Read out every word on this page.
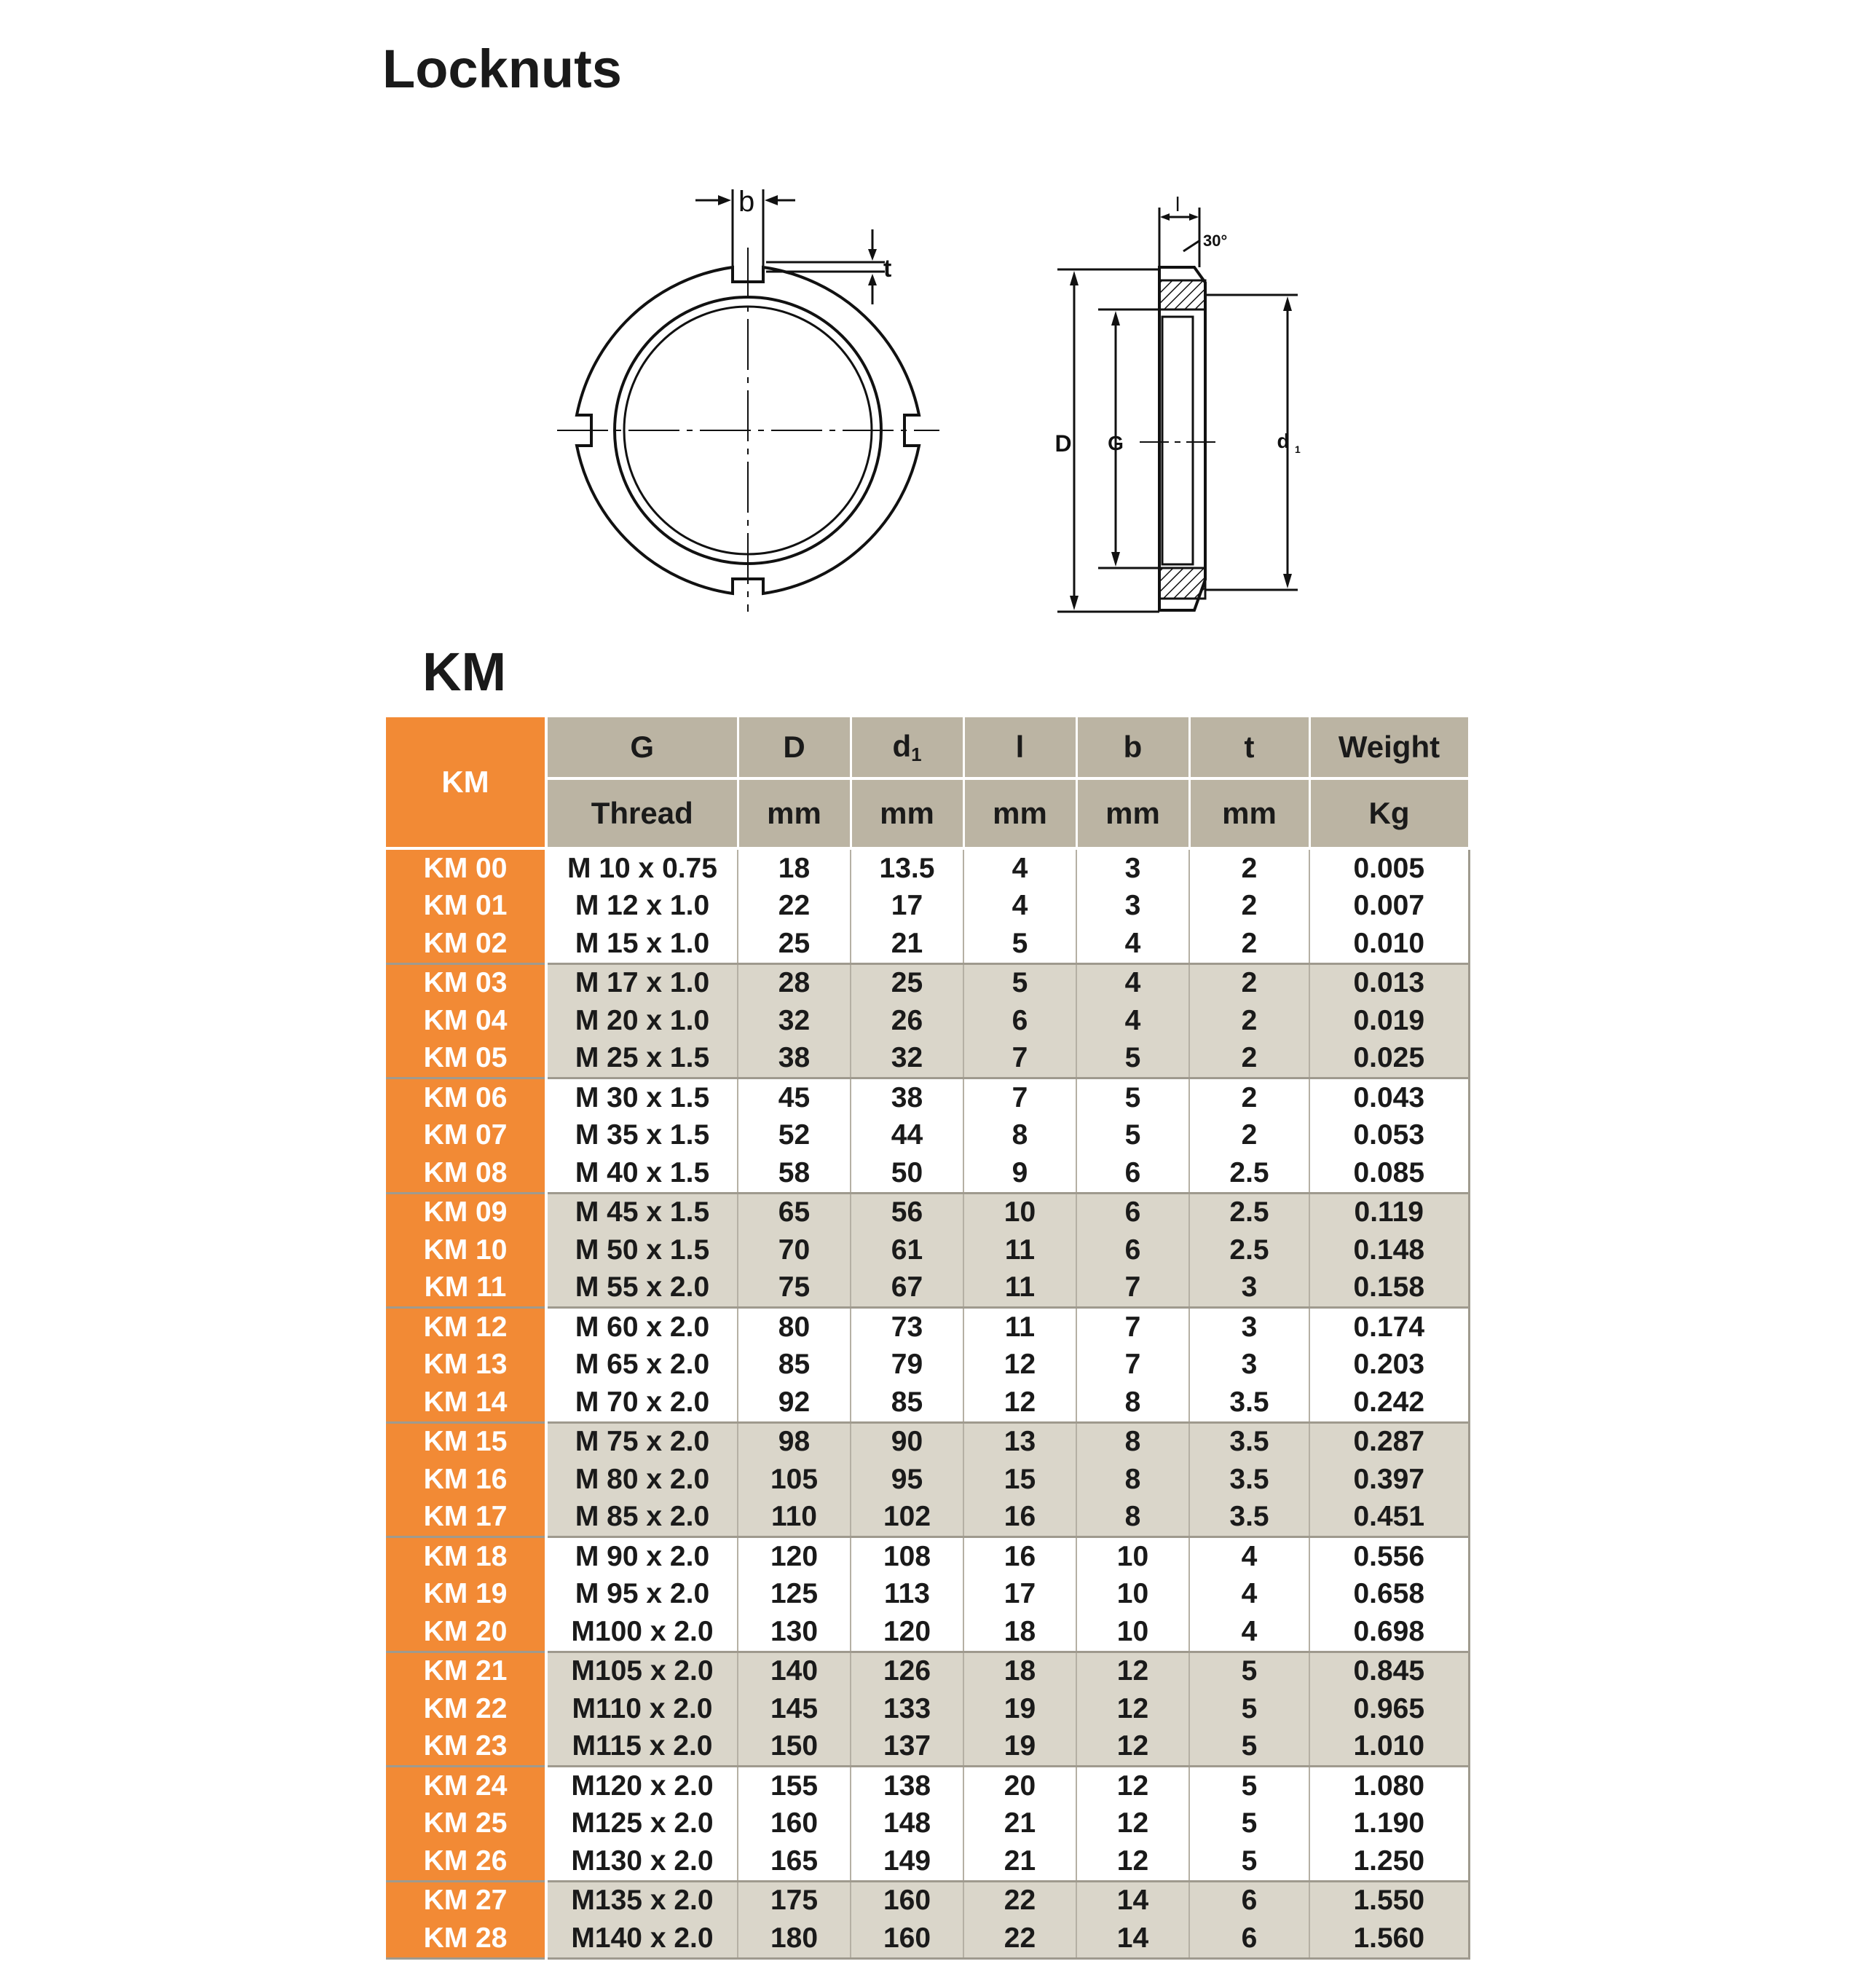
Locknuts
b
t
D G	d 1
l
30°
KM
KM	G	D	$d_1$	l	b	t	Weight
	Thread	mm	mm	mm	mm	mm	Kg
KM 00	M 10 x 0.75	18	13.5	4	3	2	0.005
KM 01	M 12 x 1.0	22	17	4	3	2	0.007
KM 02	M 15 x 1.0	25	21	5	4	2	0.010
KM 03	M 17 x 1.0	28	25	5	4	2	0.013
KM 04	M 20 x 1.0	32	26	6	4	2	0.019
KM 05	M 25 x 1.5	38	32	7	5	2	0.025
KM 06	M 30 x 1.5	45	38	7	5	2	0.043
KM 07	M 35 x 1.5	52	44	8	5	2	0.053
KM 08	M 40 x 1.5	58	50	9	6	2.5	0.085
KM 09	M 45 x 1.5	65	56	10	6	2.5	0.119
KM 10	M 50 x 1.5	70	61	11	6	2.5	0.148
KM 11	M 55 x 2.0	75	67	11	7	3	0.158
KM 12	M 60 x 2.0	80	73	11	7	3	0.174
KM 13	M 65 x 2.0	85	79	12	7	3	0.203
KM 14	M 70 x 2.0	92	85	12	8	3.5	0.242
KM 15	M 75 x 2.0	98	90	13	8	3.5	0.287
KM 16	M 80 x 2.0	105	95	15	8	3.5	0.397
KM 17	M 85 x 2.0	110	102	16	8	3.5	0.451
KM 18	M 90 x 2.0	120	108	16	10	4	0.556
KM 19	M 95 x 2.0	125	113	17	10	4	0.658
KM 20	M100 x 2.0	130	120	18	10	4	0.698
KM 21	M105 x 2.0	140	126	18	12	5	0.845
KM 22	M110 x 2.0	145	133	19	12	5	0.965
KM 23	M115 x 2.0	150	137	19	12	5	1.010
KM 24	M120 x 2.0	155	138	20	12	5	1.080
KM 25	M125 x 2.0	160	148	21	12	5	1.190
KM 26	M130 x 2.0	165	149	21	12	5	1.250
KM 27	M135 x 2.0	175	160	22	14	6	1.550
KM 28	M140 x 2.0	180	160	22	14	6	1.560
